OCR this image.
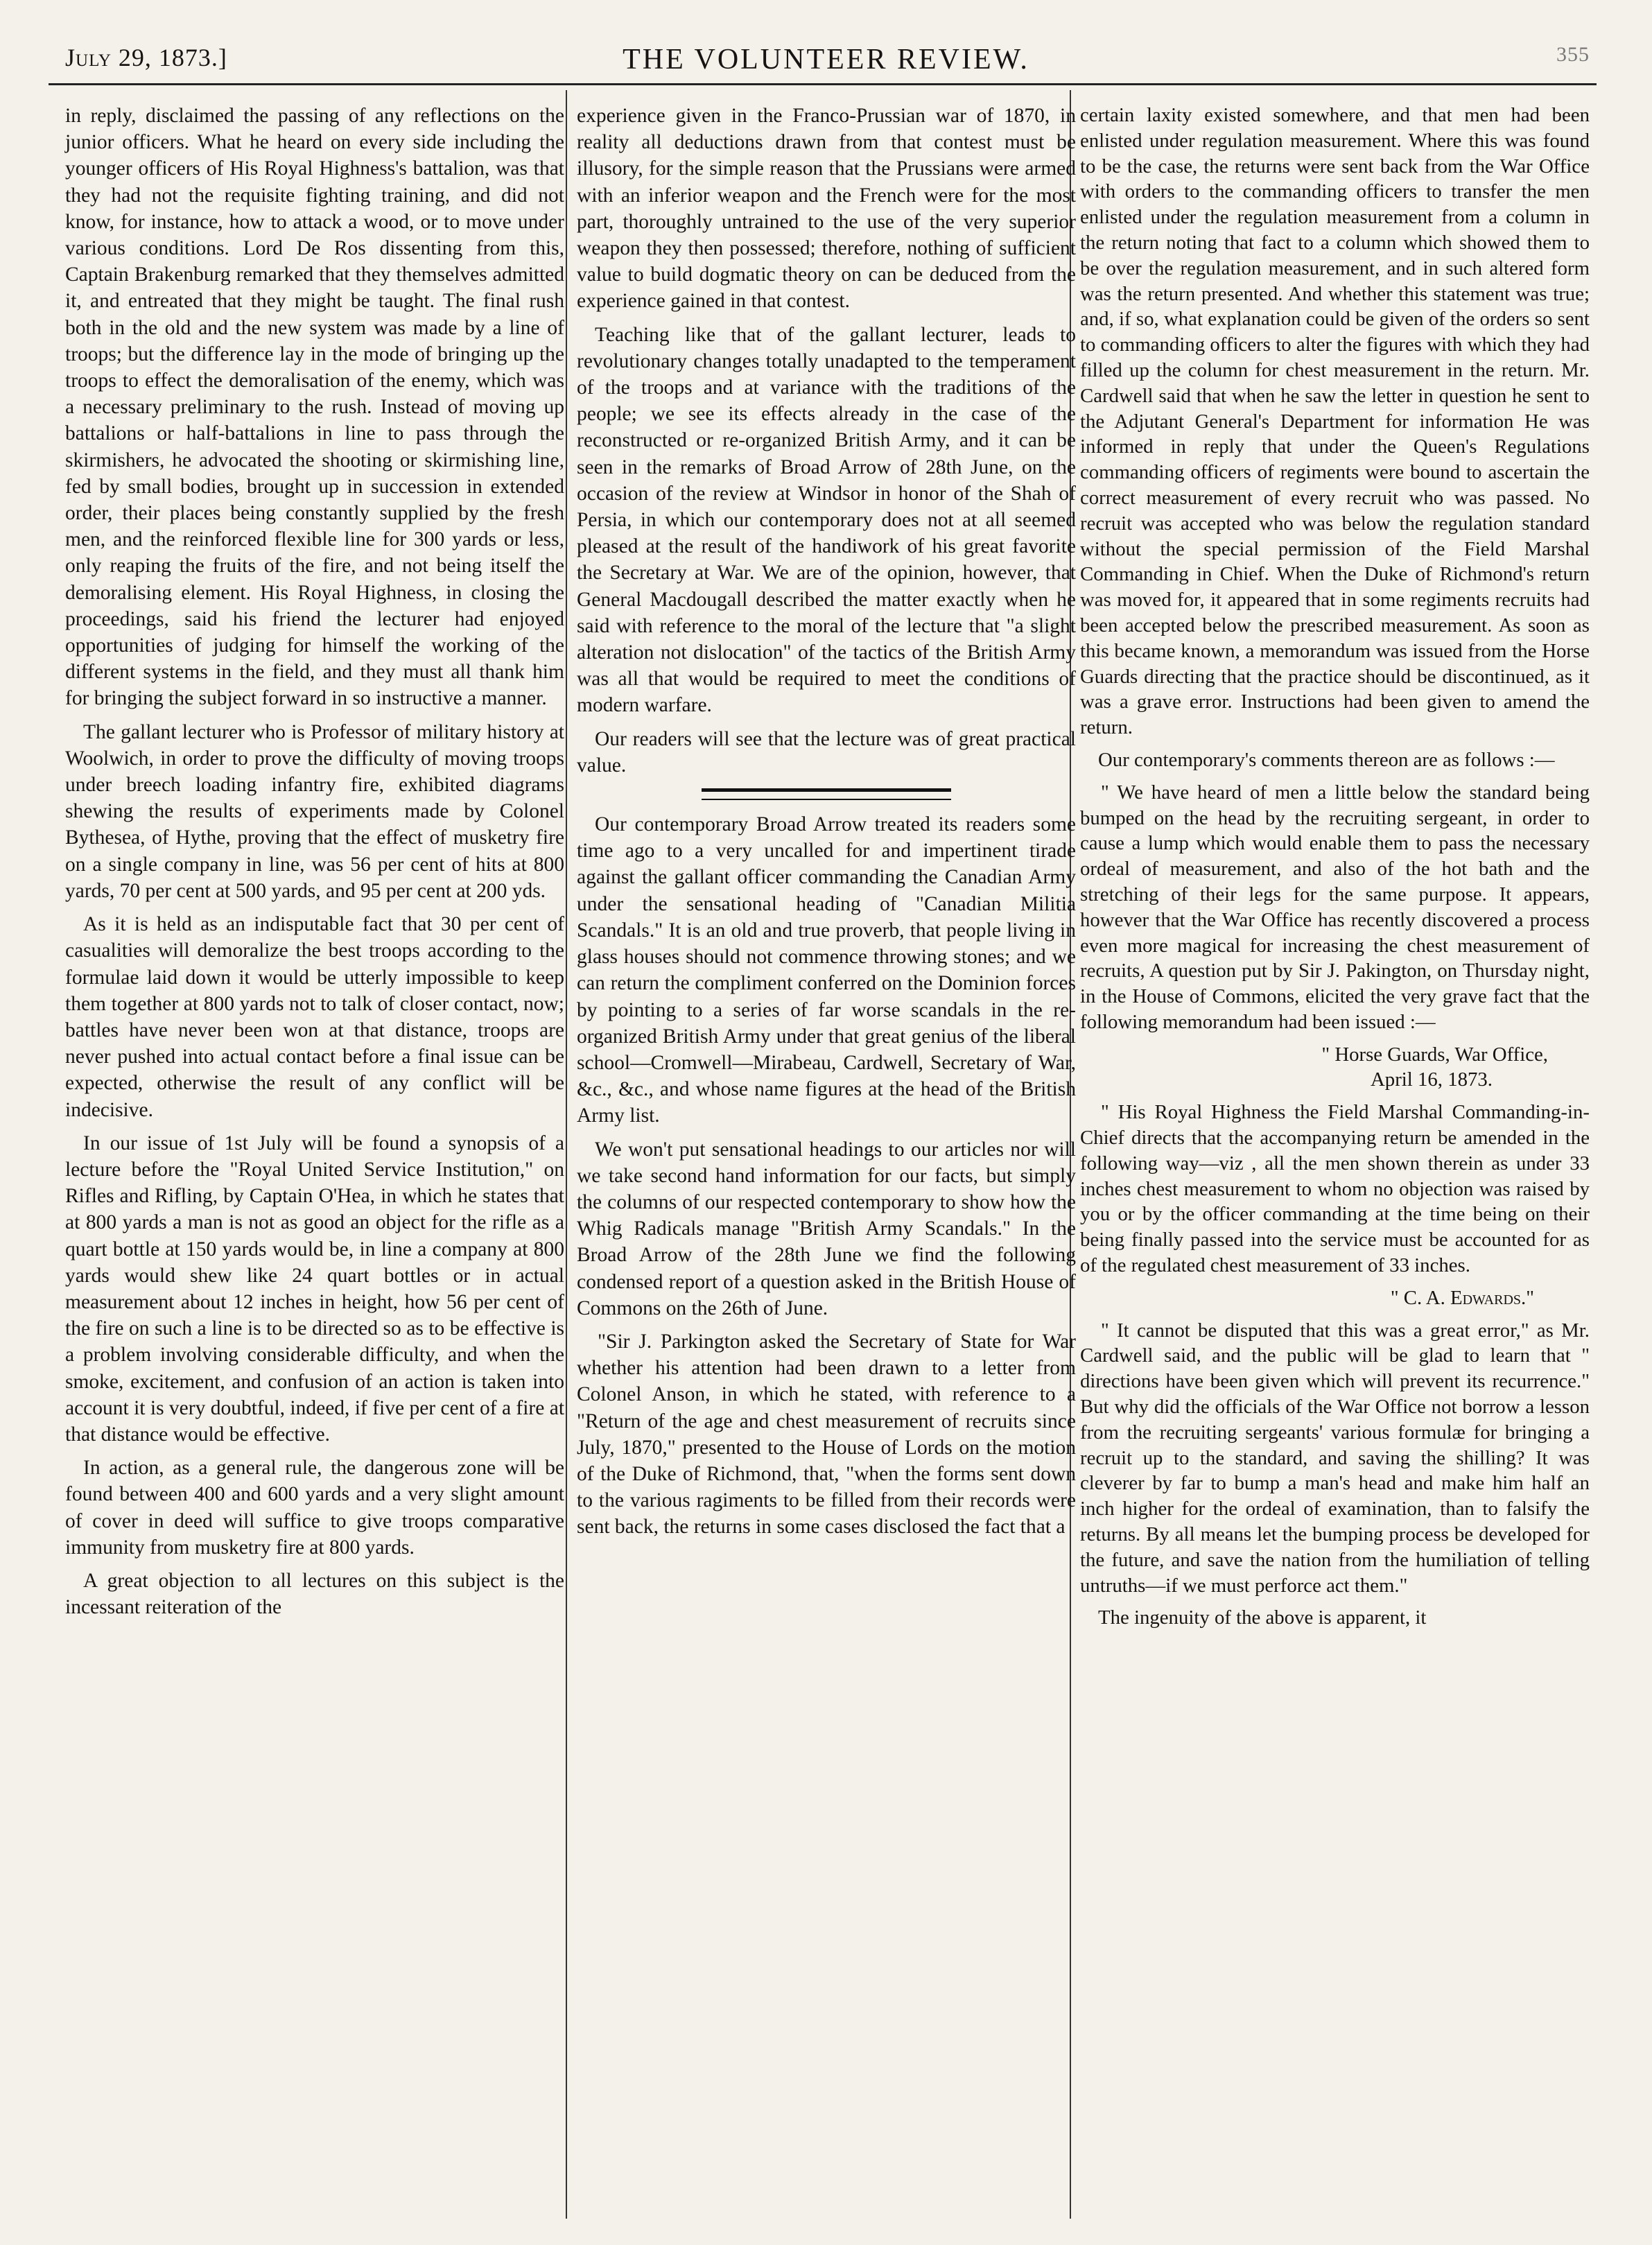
July 29, 1873.]	THE VOLUNTEER REVIEW.	355

in reply, disclaimed the passing of any reflections on the junior officers. What he heard on every side including the younger officers of His Royal Highness's battalion, was that they had not the requisite fighting training, and did not know, for instance, how to attack a wood, or to move under various conditions. Lord De Ros dissenting from this, Captain Brakenburg remarked that they themselves admitted it, and entreated that they might be taught. The final rush both in the old and the new system was made by a line of troops; but the difference lay in the mode of bringing up the troops to effect the demoralisation of the enemy, which was a necessary preliminary to the rush. Instead of moving up battalions or half-battalions in line to pass through the skirmishers, he advocated the shooting or skirmishing line, fed by small bodies, brought up in succession in extended order, their places being constantly supplied by the fresh men, and the reinforced flexible line for 300 yards or less, only reaping the fruits of the fire, and not being itself the demoralising element. His Royal Highness, in closing the proceedings, said his friend the lecturer had enjoyed opportunities of judging for himself the working of the different systems in the field, and they must all thank him for bringing the subject forward in so instructive a manner.

The gallant lecturer who is Professor of military history at Woolwich, in order to prove the difficulty of moving troops under breech loading infantry fire, exhibited diagrams shewing the results of experiments made by Colonel Bythesea, of Hythe, proving that the effect of musketry fire on a single company in line, was 56 per cent of hits at 800 yards, 70 per cent at 500 yards, and 95 per cent at 200 yds.

As it is held as an indisputable fact that 30 per cent of casualities will demoralize the best troops according to the formulae laid down it would be utterly impossible to keep them together at 800 yards not to talk of closer contact, now; battles have never been won at that distance, troops are never pushed into actual contact before a final issue can be expected, otherwise the result of any conflict will be indecisive.

In our issue of 1st July will be found a synopsis of a lecture before the "Royal United Service Institution," on Rifles and Rifling, by Captain O'Hea, in which he states that at 800 yards a man is not as good an object for the rifle as a quart bottle at 150 yards would be, in line a company at 800 yards would shew like 24 quart bottles or in actual measurement about 12 inches in height, how 56 per cent of the fire on such a line is to be directed so as to be effective is a problem involving considerable difficulty, and when the smoke, excitement, and confusion of an action is taken into account it is very doubtful, indeed, if five per cent of a fire at that distance would be effective.

In action, as a general rule, the dangerous zone will be found between 400 and 600 yards and a very slight amount of cover in deed will suffice to give troops comparative immunity from musketry fire at 800 yards.

A great objection to all lectures on this subject is the incessant reiteration of the

experience given in the Franco-Prussian war of 1870, in reality all deductions drawn from that contest must be illusory, for the simple reason that the Prussians were armed with an inferior weapon and the French were for the most part, thoroughly untrained to the use of the very superior weapon they then possessed; therefore, nothing of sufficient value to build dogmatic theory on can be deduced from the experience gained in that contest.

Teaching like that of the gallant lecturer, leads to revolutionary changes totally unadapted to the temperament of the troops and at variance with the traditions of the people; we see its effects already in the case of the reconstructed or re-organized British Army, and it can be seen in the remarks of Broad Arrow of 28th June, on the occasion of the review at Windsor in honor of the Shah of Persia, in which our contemporary does not at all seemed pleased at the result of the handiwork of his great favorite the Secretary at War. We are of the opinion, however, that General Macdougall described the matter exactly when he said with reference to the moral of the lecture that "a slight alteration not dislocation" of the tactics of the British Army was all that would be required to meet the conditions of modern warfare.

Our readers will see that the lecture was of great practical value.

Our contemporary Broad Arrow treated its readers some time ago to a very uncalled for and impertinent tirade against the gallant officer commanding the Canadian Army under the sensational heading of "Canadian Militia Scandals." It is an old and true proverb, that people living in glass houses should not commence throwing stones; and we can return the compliment conferred on the Dominion forces by pointing to a series of far worse scandals in the re-organized British Army under that great genius of the liberal school—Cromwell—Mirabeau, Cardwell, Secretary of War, &c., &c., and whose name figures at the head of the British Army list.

We won't put sensational headings to our articles nor will we take second hand information for our facts, but simply the columns of our respected contemporary to show how the Whig Radicals manage "British Army Scandals." In the Broad Arrow of the 28th June we find the following condensed report of a question asked in the British House of Commons on the 26th of June.

"Sir J. Parkington asked the Secretary of State for War whether his attention had been drawn to a letter from Colonel Anson, in which he stated, with reference to a "Return of the age and chest measurement of recruits since July, 1870," presented to the House of Lords on the motion of the Duke of Richmond, that, "when the forms sent down to the various ragiments to be filled from their records were sent back, the returns in some cases disclosed the fact that a

certain laxity existed somewhere, and that men had been enlisted under regulation measurement. Where this was found to be the case, the returns were sent back from the War Office with orders to the commanding officers to transfer the men enlisted under the regulation measurement from a column in the return noting that fact to a column which showed them to be over the regulation measurement, and in such altered form was the return presented. And whether this statement was true; and, if so, what explanation could be given of the orders so sent to commanding officers to alter the figures with which they had filled up the column for chest measurement in the return. Mr. Cardwell said that when he saw the letter in question he sent to the Adjutant General's Department for information He was informed in reply that under the Queen's Regulations commanding officers of regiments were bound to ascertain the correct measurement of every recruit who was passed. No recruit was accepted who was below the regulation standard without the special permission of the Field Marshal Commanding in Chief. When the Duke of Richmond's return was moved for, it appeared that in some regiments recruits had been accepted below the prescribed measurement. As soon as this became known, a memorandum was issued from the Horse Guards directing that the practice should be discontinued, as it was a grave error. Instructions had been given to amend the return.

Our contemporary's comments thereon are as follows :—

" We have heard of men a little below the standard being bumped on the head by the recruiting sergeant, in order to cause a lump which would enable them to pass the necessary ordeal of measurement, and also of the hot bath and the stretching of their legs for the same purpose. It appears, however that the War Office has recently discovered a process even more magical for increasing the chest measurement of recruits, A question put by Sir J. Pakington, on Thursday night, in the House of Commons, elicited the very grave fact that the following memorandum had been issued :—

" Horse Guards, War Office,

April 16, 1873.

" His Royal Highness the Field Marshal Commanding-in-Chief directs that the accompanying return be amended in the following way—viz , all the men shown therein as under 33 inches chest measurement to whom no objection was raised by you or by the officer commanding at the time being on their being finally passed into the service must be accounted for as of the regulated chest measurement of 33 inches.

" C. A. Edwards."

" It cannot be disputed that this was a great error," as Mr. Cardwell said, and the public will be glad to learn that " directions have been given which will prevent its recurrence." But why did the officials of the War Office not borrow a lesson from the recruiting sergeants' various formulæ for bringing a recruit up to the standard, and saving the shilling? It was cleverer by far to bump a man's head and make him half an inch higher for the ordeal of examination, than to falsify the returns. By all means let the bumping process be developed for the future, and save the nation from the humiliation of telling untruths—if we must perforce act them."

The ingenuity of the above is apparent, it
